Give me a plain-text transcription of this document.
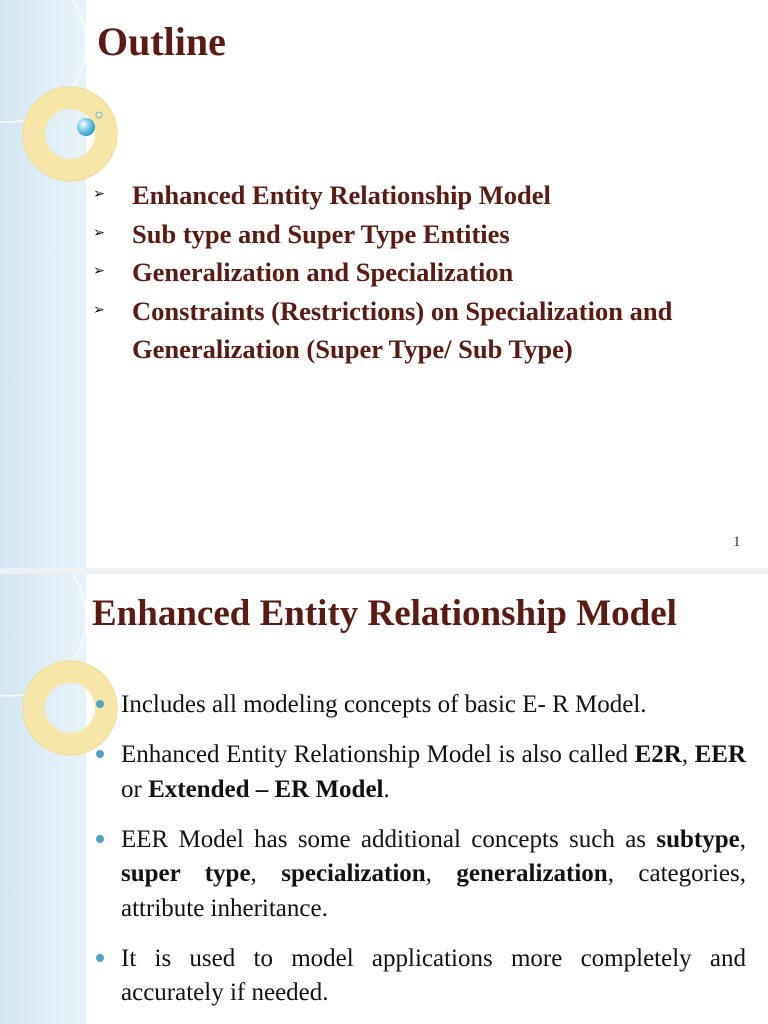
Outline
➢ Enhanced Entity Relationship Model
➢ Sub type and Super Type Entities
➢ Generalization and Specialization
➢ Constraints (Restrictions) on Specialization and Generalization (Super Type/ Sub Type)
1
Enhanced Entity Relationship Model
Includes all modeling concepts of basic E- R Model.
Enhanced Entity Relationship Model is also called E2R, EER or Extended – ER Model.
EER Model has some additional concepts such as subtype, super type, specialization, generalization, categories, attribute inheritance.
It is used to model applications more completely and accurately if needed.
